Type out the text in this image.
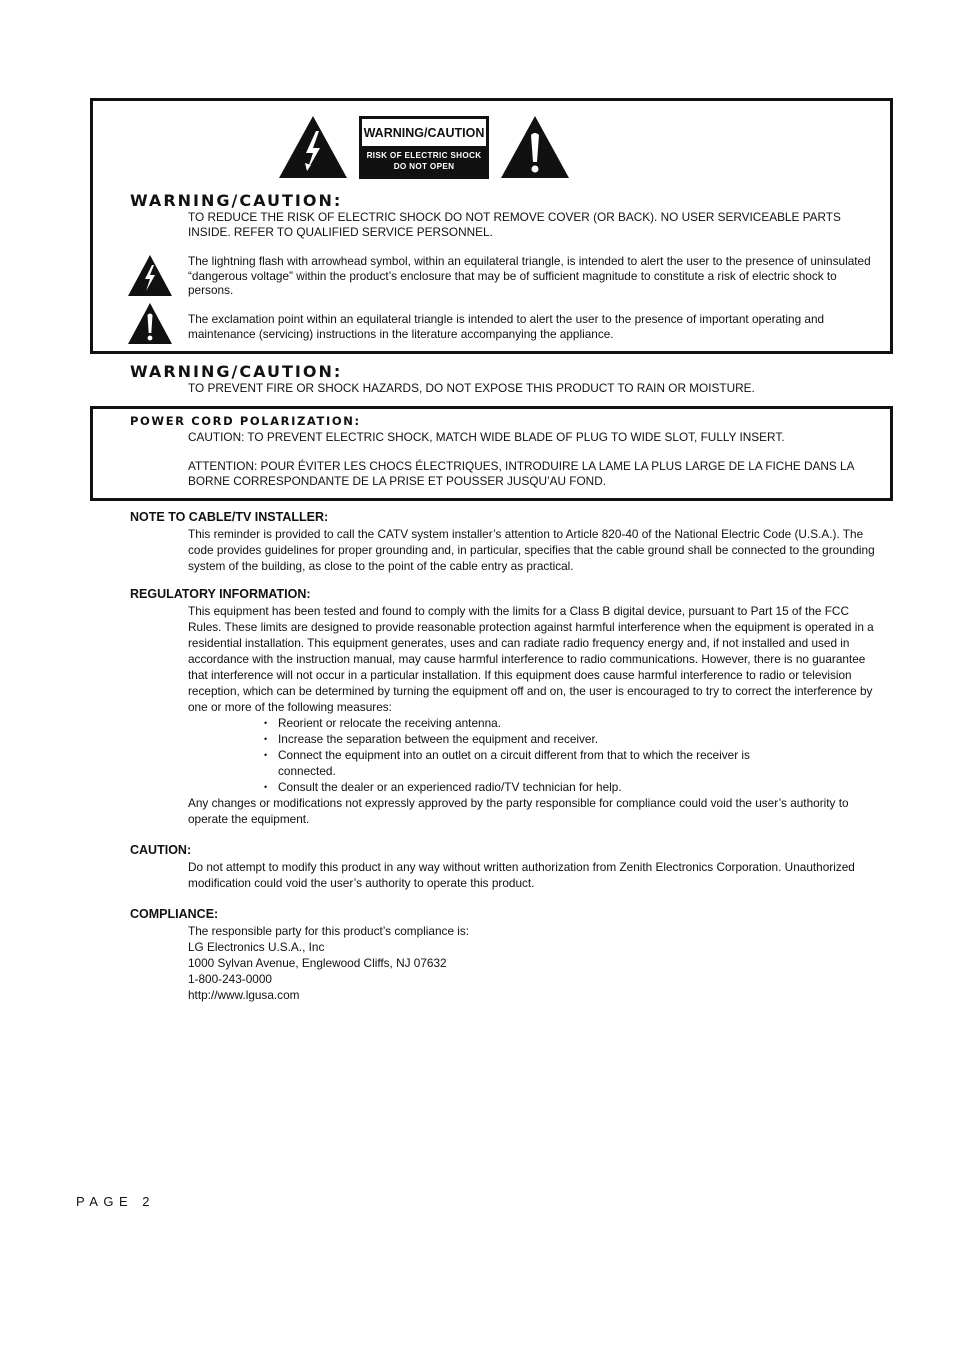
WARNING/CAUTION
RISK OF ELECTRIC SHOCK
DO NOT OPEN
WARNING/CAUTION:
TO REDUCE THE RISK OF ELECTRIC SHOCK DO NOT REMOVE COVER (OR BACK). NO USER SERVICEABLE PARTS INSIDE. REFER TO QUALIFIED SERVICE PERSONNEL.
The lightning flash with arrowhead symbol, within an equilateral triangle, is intended to alert the user to the presence of uninsulated “dangerous voltage” within the product’s enclosure that may be of sufficient magnitude to constitute a risk of electric shock to persons.
The exclamation point within an equilateral triangle is intended to alert the user to the presence of important operating and maintenance (servicing) instructions in the literature accompanying the appliance.
WARNING/CAUTION:
TO PREVENT FIRE OR SHOCK HAZARDS, DO NOT EXPOSE THIS PRODUCT TO RAIN OR MOISTURE.
POWER CORD POLARIZATION:
CAUTION: TO PREVENT ELECTRIC SHOCK, MATCH WIDE BLADE OF PLUG TO WIDE SLOT, FULLY INSERT.
ATTENTION: POUR ÉVITER LES CHOCS ÉLECTRIQUES, INTRODUIRE LA LAME LA PLUS LARGE DE LA FICHE DANS LA BORNE CORRESPONDANTE DE LA PRISE ET POUSSER JUSQU’AU FOND.
NOTE TO CABLE/TV INSTALLER:
This reminder is provided to call the CATV system installer’s attention to Article 820-40 of the National Electric Code (U.S.A.). The code provides guidelines for proper grounding and, in particular, specifies that the cable ground shall be connected to the grounding system of the building, as close to the point of the cable entry as practical.
REGULATORY INFORMATION:
This equipment has been tested and found to comply with the limits for a Class B digital device, pursuant to Part 15 of the FCC Rules. These limits are designed to provide reasonable protection against harmful interference when the equipment is operated in a residential installation. This equipment generates, uses and can radiate radio frequency energy and, if not installed and used in accordance with the instruction manual, may cause harmful interference to radio communications. However, there is no guarantee that interference will not occur in a particular installation. If this equipment does cause harmful interference to radio or television reception, which can be determined by turning the equipment off and on, the user is encouraged to try to correct the interference by one or more of the following measures:
• Reorient or relocate the receiving antenna.
• Increase the separation between the equipment and receiver.
• Connect the equipment into an outlet on a circuit different from that to which the receiver is connected.
• Consult the dealer or an experienced radio/TV technician for help.
Any changes or modifications not expressly approved by the party responsible for compliance could void the user’s authority to operate the equipment.
CAUTION:
Do not attempt to modify this product in any way without written authorization from Zenith Electronics Corporation. Unauthorized modification could void the user’s authority to operate this product.
COMPLIANCE:
The responsible party for this product’s compliance is:
LG Electronics U.S.A., Inc
1000 Sylvan Avenue, Englewood Cliffs, NJ 07632
1-800-243-0000
http://www.lgusa.com
PAGE 2
